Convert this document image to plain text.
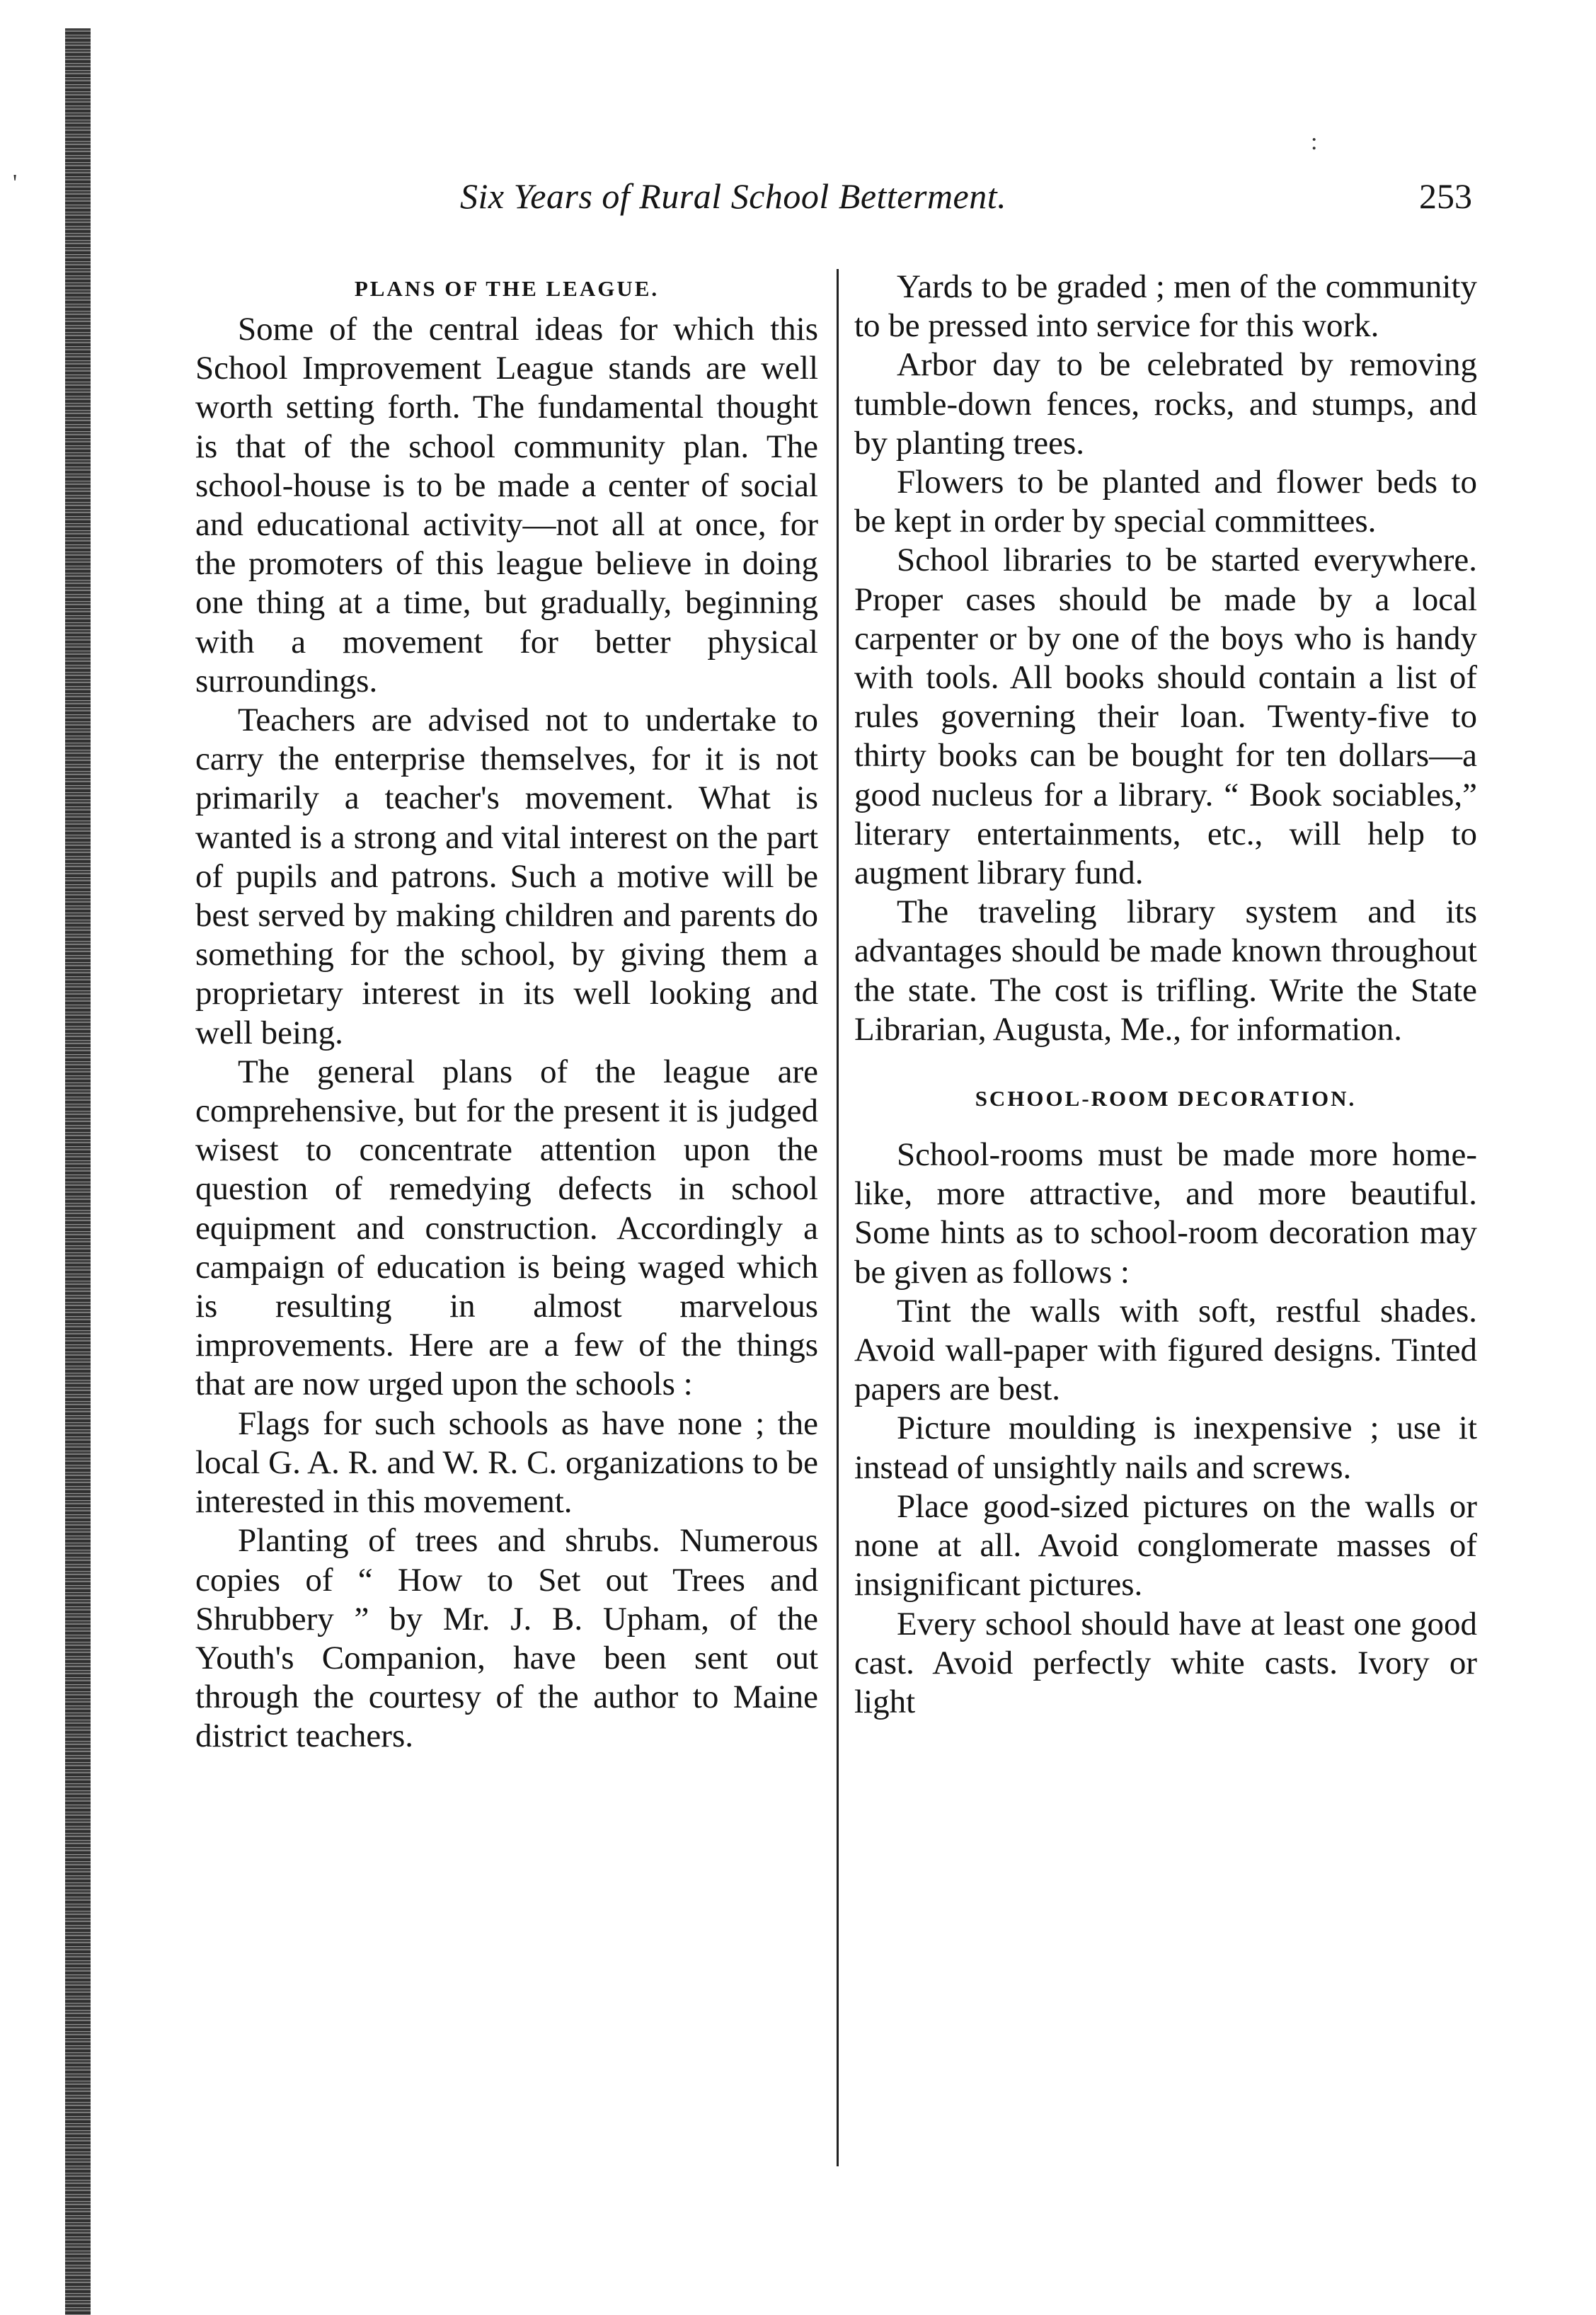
:
'	Six Years of Rural School Betterment.	253
PLANS OF THE LEAGUE.

Some of the central ideas for which this School Improvement League stands are well worth setting forth. The fundamental thought is that of the school community plan. The school-house is to be made a center of social and educational activity—not all at once, for the promoters of this league believe in doing one thing at a time, but gradually, beginning with a movement for better physical surroundings.

Teachers are advised not to undertake to carry the enterprise themselves, for it is not primarily a teacher's movement. What is wanted is a strong and vital interest on the part of pupils and patrons. Such a motive will be best served by making children and parents do something for the school, by giving them a proprietary interest in its well looking and well being.

The general plans of the league are comprehensive, but for the present it is judged wisest to concentrate attention upon the question of remedying defects in school equipment and construction. Accordingly a campaign of education is being waged which is resulting in almost marvelous improvements. Here are a few of the things that are now urged upon the schools :

Flags for such schools as have none ; the local G. A. R. and W. R. C. organizations to be interested in this movement.

Planting of trees and shrubs. Numerous copies of “ How to Set out Trees and Shrubbery ” by Mr. J. B. Upham, of the Youth's Companion, have been sent out through the courtesy of the author to Maine district teachers.

Yards to be graded ; men of the community to be pressed into service for this work.

Arbor day to be celebrated by removing tumble-down fences, rocks, and stumps, and by planting trees.

Flowers to be planted and flower beds to be kept in order by special committees.

School libraries to be started everywhere. Proper cases should be made by a local carpenter or by one of the boys who is handy with tools. All books should contain a list of rules governing their loan. Twenty-five to thirty books can be bought for ten dollars—a good nucleus for a library. “ Book sociables,” literary entertainments, etc., will help to augment library fund.

The traveling library system and its advantages should be made known throughout the state. The cost is trifling. Write the State Librarian, Augusta, Me., for information.

SCHOOL-ROOM DECORATION.

School-rooms must be made more home-like, more attractive, and more beautiful. Some hints as to school-room decoration may be given as follows :

Tint the walls with soft, restful shades. Avoid wall-paper with figured designs. Tinted papers are best.

Picture moulding is inexpensive ; use it instead of unsightly nails and screws.

Place good-sized pictures on the walls or none at all. Avoid conglomerate masses of insignificant pictures.

Every school should have at least one good cast. Avoid perfectly white casts. Ivory or light
